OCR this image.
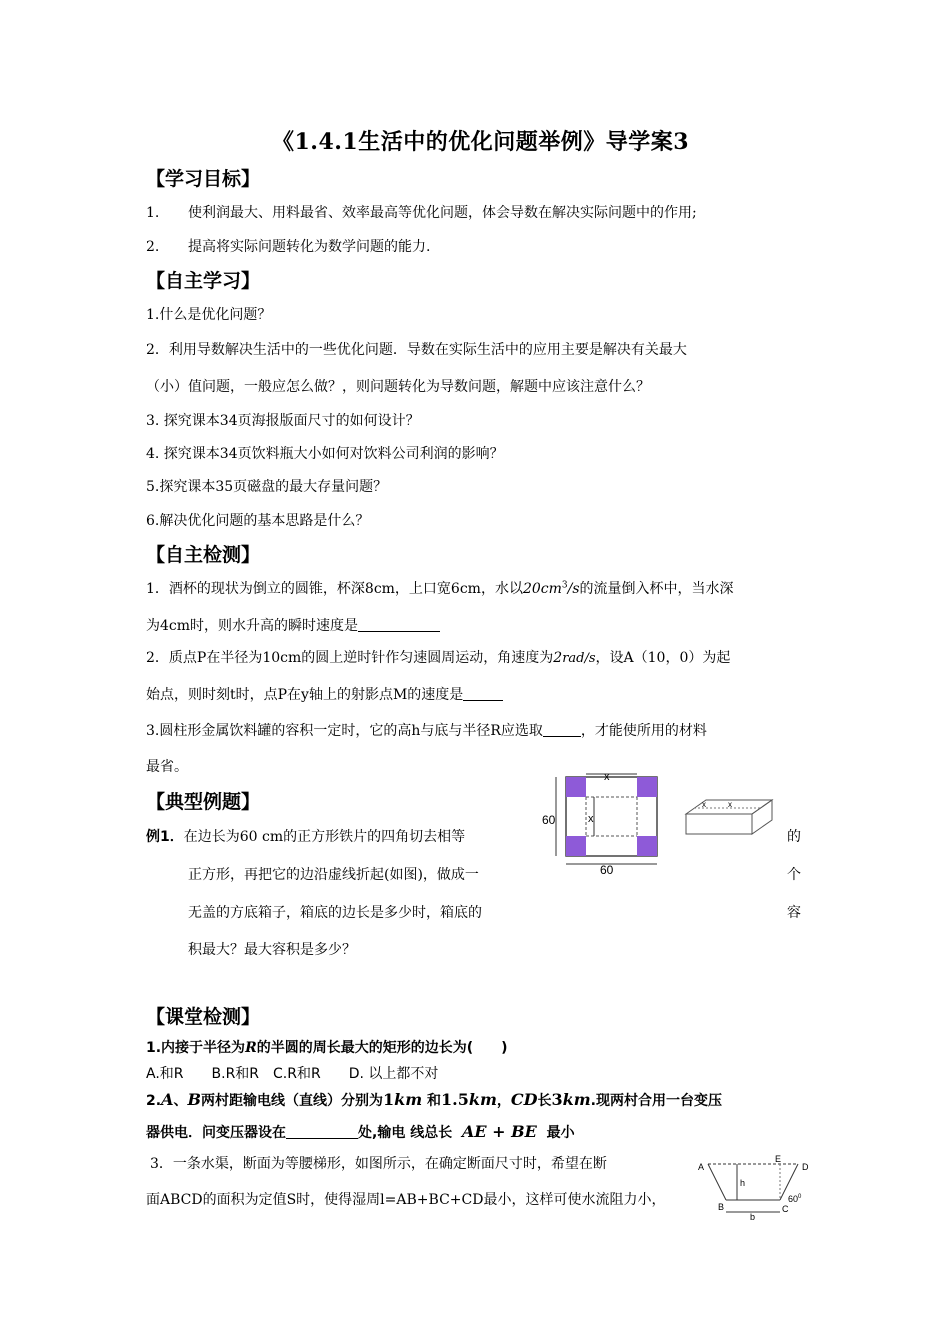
《1.4.1生活中的优化问题举例》导学案3
【学习目标】
1. 使利润最大、用料最省、效率最高等优化问题，体会导数在解决实际问题中的作用;
2. 提高将实际问题转化为数学问题的能力.
【自主学习】
1.什么是优化问题？
2．利用导数解决生活中的一些优化问题．导数在实际生活中的应用主要是解决有关最大
（小）值问题，一般应怎么做？，则问题转化为导数问题，解题中应该注意什么？
3. 探究课本34页海报版面尺寸的如何设计？
4. 探究课本34页饮料瓶大小如何对饮料公司利润的影响？
5.探究课本35页磁盘的最大存量问题？
6.解决优化问题的基本思路是什么？
【自主检测】
1．酒杯的现状为倒立的圆锥，杯深8cm，上口宽6cm，水以$20cm^3/s$的流量倒入杯中，当水深
为4cm时，则水升高的瞬时速度是
2．质点P在半径为10cm的圆上逆时针作匀速圆周运动，角速度为2rad/s，设A（10，0）为起
始点，则时刻t时，点P在y轴上的射影点M的速度是
3.圆柱形金属饮料罐的容积一定时，它的高h与底与半径R应选取	，才能使所用的材料
最省。
【典型例题】
例1．在边长为60 cm的正方形铁片的四角切去相等	的
正方形，再把它的边沿虚线折起(如图)，做成一	个
无盖的方底箱子，箱底的边长是多少时，箱底的	容
积最大？最大容积是多少？
x
x
60
60
x
x
【课堂检测】
1.内接于半径为R的半圆的周长最大的矩形的边长为(　　)
A.和R　　B.R和R　C.R和R　　D. 以上都不对
2.A、B两村距输电线（直线）分别为1km 和1.5km，CD长3km.现两村合用一台变压
器供电．问变压器设在	处,输电 线总长 AE + BE 最小
3．一条水渠，断面为等腰梯形，如图所示，在确定断面尺寸时，希望在断
面ABCD的面积为定值S时，使得湿周l=AB+BC+CD最小，这样可使水流阻力小，
A
E
D
B	C
h
b
$60^0$
